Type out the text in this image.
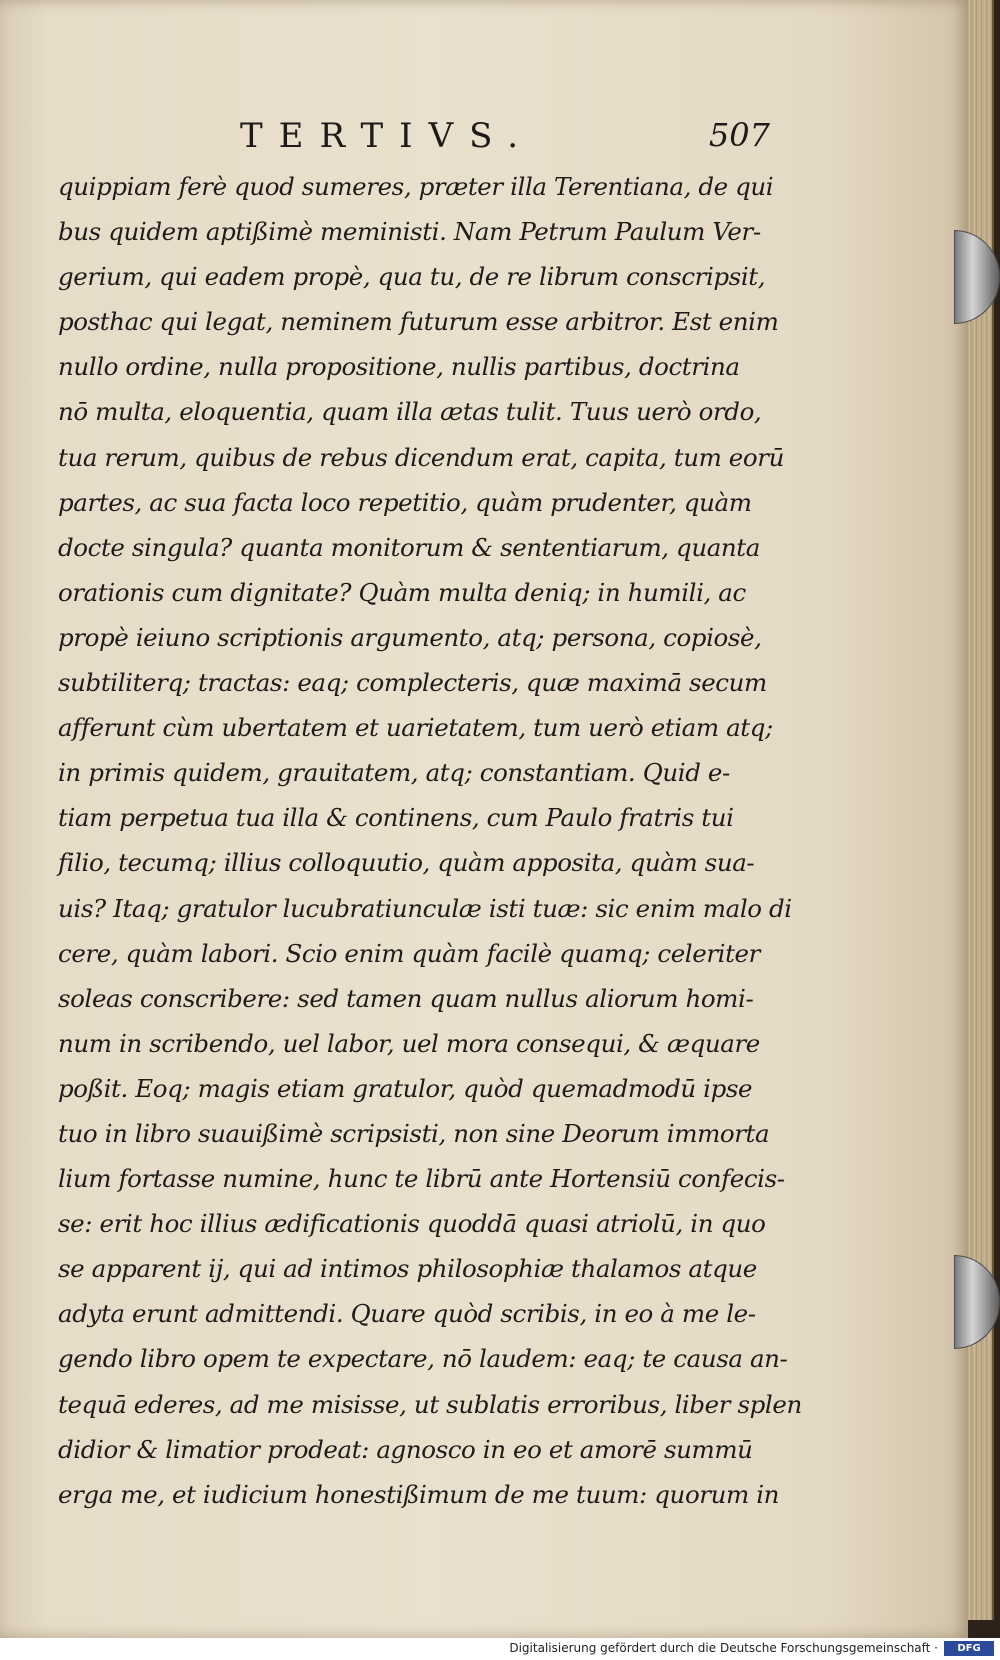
TERTIVS.	507
quippiam ferè quod sumeres, præter illa Terentiana, de qui
bus quidem aptißimè meministi. Nam Petrum Paulum Ver-
gerium, qui eadem propè, qua tu, de re librum conscripsit,
posthac qui legat, neminem futurum esse arbitror. Est enim
nullo ordine, nulla propositione, nullis partibus, doctrina
nō multa, eloquentia, quam illa ætas tulit. Tuus uerò ordo,
tua rerum, quibus de rebus dicendum erat, capita, tum eorū
partes, ac sua facta loco repetitio, quàm prudenter, quàm
docte singula? quanta monitorum & sententiarum, quanta
orationis cum dignitate? Quàm multa deniq; in humili, ac
propè ieiuno scriptionis argumento, atq; persona, copiosè,
subtiliterq; tractas: eaq; complecteris, quæ maximā secum
afferunt cùm ubertatem et uarietatem, tum uerò etiam atq;
in primis quidem, grauitatem, atq; constantiam. Quid e-
tiam perpetua tua illa & continens, cum Paulo fratris tui
filio, tecumq; illius colloquutio, quàm apposita, quàm sua-
uis? Itaq; gratulor lucubratiunculæ isti tuæ: sic enim malo di
cere, quàm labori. Scio enim quàm facilè quamq; celeriter
soleas conscribere: sed tamen quam nullus aliorum homi-
num in scribendo, uel labor, uel mora consequi, & æquare
poßit. Eoq; magis etiam gratulor, quòd quemadmodū ipse
tuo in libro suauißimè scripsisti, non sine Deorum immorta
lium fortasse numine, hunc te librū ante Hortensiū confecis-
se: erit hoc illius ædificationis quoddā quasi atriolū, in quo
se apparent ij, qui ad intimos philosophiæ thalamos atque
adyta erunt admittendi. Quare quòd scribis, in eo à me le-
gendo libro opem te expectare, nō laudem: eaq; te causa an-
tequā ederes, ad me misisse, ut sublatis erroribus, liber splen
didior & limatior prodeat: agnosco in eo et amorē summū
erga me, et iudicium honestißimum de me tuum: quorum in
Digitalisierung gefördert durch die Deutsche Forschungsgemeinschaft ·	DFG
